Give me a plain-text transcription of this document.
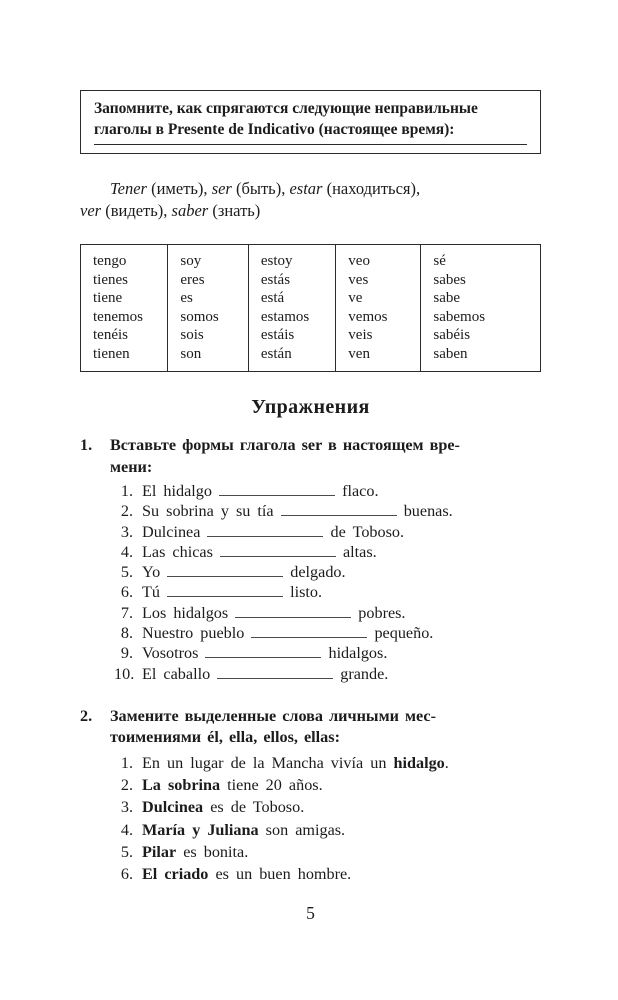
Запомните, как спрягаются следующие неправильные глаголы в Presente de Indicativo (настоящее время):
Tener (иметь), ser (быть), estar (находиться),
ver (видеть), saber (знать)
tengo
tienes
tiene
tenemos
tenéis
tienen

soy
eres
es
somos
sois
son

estoy
estás
está
estamos
estáis
están

veo
ves
ve
vemos
veis
ven

sé
sabes
sabe
sabemos
sabéis
saben
Упражнения
1.	Вставьте формы глагола ser в настоящем вре-
мени:
1. El hidalgo	flaco.
2. Su sobrina y su tía	buenas.
3. Dulcinea	de Toboso.
4. Las chicas	altas.
5. Yo	delgado.
6. Tú	listo.
7. Los hidalgos	pobres.
8. Nuestro pueblo	pequeño.
9. Vosotros	hidalgos.
10. El caballo	grande.
2.	Замените выделенные слова личными мес-
тоимениями él, ella, ellos, ellas:
1. En un lugar de la Mancha vivía un hidalgo.
2. La sobrina tiene 20 años.
3. Dulcinea es de Toboso.
4. María y Juliana son amigas.
5. Pilar es bonita.
6. El criado es un buen hombre.
5
